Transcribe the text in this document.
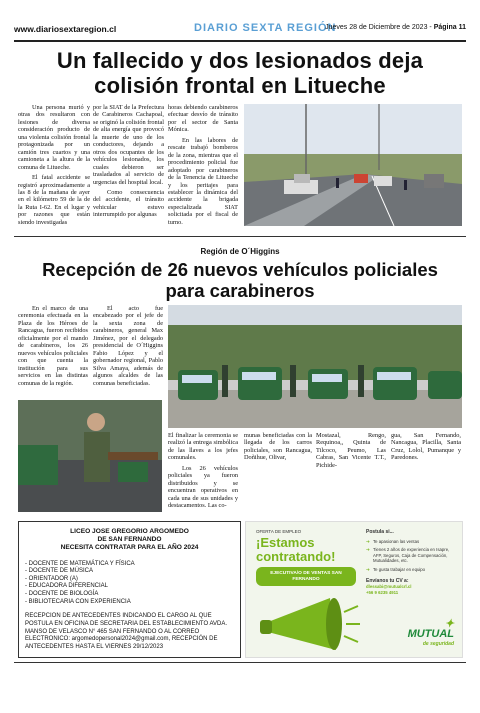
www.diariosextaregion.cl	DIARIO SEXTA REGIÓN
Jueves 28 de Diciembre de 2023 - Página 11
Un fallecido y dos lesionados deja
colisión frontal en Litueche

Una persona murió y otras dos resultaron con lesiones de diversa consideración producto de una violenta colisión frontal protagonizada por un camión tres cuartos y una camioneta a la altura de la comuna de Litueche.

El fatal accidente se registró aproximadamente a las 8 de la mañana de ayer en el kilómetro 59 de la de la Ruta I-62. En el lugar y por razones que están siendo investigadas

por la SIAT de la Prefectura de Carabineros Cachapoal, se originó la colisión frontal de alta energía que provocó la muerte de uno de los conductores, dejando a otros dos ocupantes de los vehículos lesionados, los cuales debieron ser trasladados al servicio de urgencias del hospital local.

Como consecuencia del accidente, el tránsito vehicular estuvo interrumpido por algunas

horas debiendo carabineros efectuar desvío de tránsito por el sector de Santa Mónica.

En las labores de rescate trabajó bomberos de la zona, mientras que el procedimiento policial fue adoptado por carabineros de la Tenencia de Litueche y los peritajes para establecer la dinámica del accidente la brigada especializada SIAT solicitada por el fiscal de turno.

Región de O´Higgins
Recepción de 26 nuevos vehículos policiales
para carabineros

En el marco de una ceremonia efectuada en la Plaza de los Héroes de Rancagua, fueron recibidos oficialmente por el mando de carabineros, los 26 nuevos vehículos policiales con que cuenta la institución para sus servicios en las distintas comunas de la región.

El acto fue encabezado por el jefe de la sexta zona de carabineros, general Max Jiménez, por el delegado presidencial de O´Higgins Fabio López y el gobernador regional, Pablo Silva Amaya, además de algunos alcaldes de las comunas beneficiadas.

El finalizar la ceremonia se realizó la entrega simbólica de las llaves a los jefes comunales.

Los 26 vehículos policiales ya fueron distribuidos y se encuentran operativos en cada una de sus unidades y destacamentos. Las co-

munas beneficiadas con la llegada de los carros policiales, son Rancagua, Doñihue, Olivar,

Mostazal, Rengo, Requinoa,, Quinta de Tilcoco, Peumo, Las Cabras, San Vicente T.T., Pichide-

gua, San Fernando, Nancagua, Placilla, Santa Cruz, Lolol, Pumanque y Paredones.

LICEO JOSE GREGORIO ARGOMEDO
DE SAN FERNANDO
NECESITA CONTRATAR PARA EL AÑO 2024
- DOCENTE DE MATEMÁTICA Y FÍSICA
- DOCENTE DE MÚSICA
- ORIENTADOR (A)
- EDUCADORA DIFERENCIAL
- DOCENTE DE BIOLOGÍA
- BIBLIOTECARIA CON EXPERIENCIA
RECEPCION DE ANTECEDENTES INDICANDO EL CARGO AL QUE POSTULA EN OFICINA DE SECRETARIA DEL ESTABLECIMIENTO AVDA. MANSO DE VELASCO N° 465 SAN FERNANDO O AL CORREO ELECTRONICO: argomedopersonal2024@gmail.com, RECEPCIÓN DE ANTECEDENTES HASTA EL VIERNES 29/12/2023
OFERTA DE EMPLEO
¡Estamos contratando!
EJECUTIVA/O DE VENTAS SAN FERNANDO
Postula si...
➔ Te apasionan las ventas
➔ Tienes 2 años de experiencia en Isapre, AFP, Seguros, Caja de Compensación, Mutualidades, etc.
➔ Te gusta trabajar en equipo
Envíanos tu CV a:
dlessabi@mutualcrl.cl
+56 9 6235 4911
✦
MUTUAL
de seguridad
